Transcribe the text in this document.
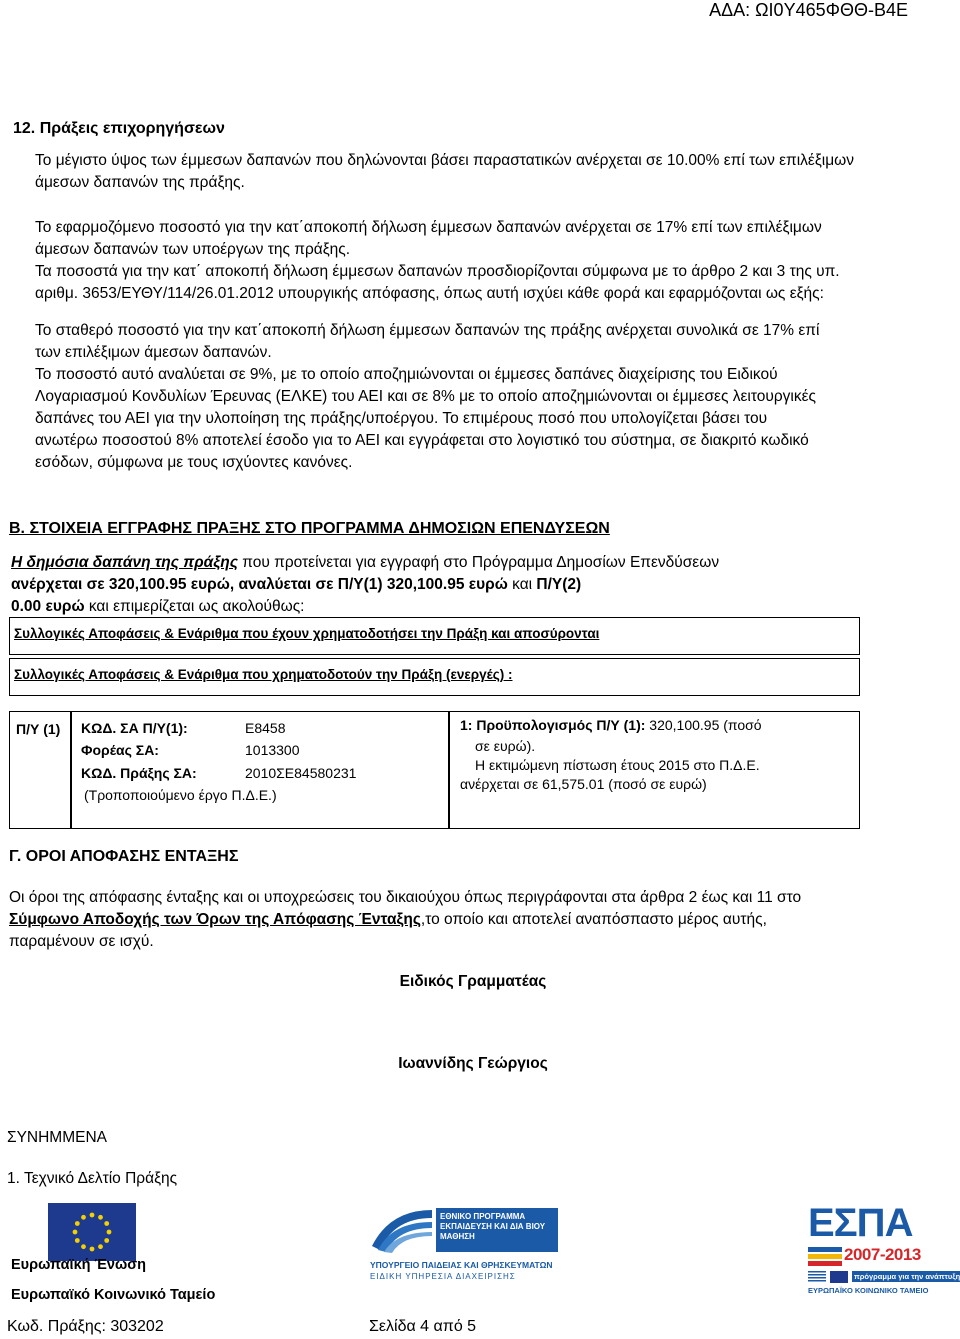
ΑΔΑ: ΩΙ0Υ465ΦΘΘ-Β4Ε
12. Πράξεις επιχορηγήσεων
Το μέγιστο ύψος των έμμεσων δαπανών που δηλώνονται βάσει παραστατικών ανέρχεται σε 10.00% επί των επιλέξιμων
άμεσων δαπανών της πράξης.
Το εφαρμοζόμενο ποσοστό για την κατ΄αποκοπή δήλωση έμμεσων δαπανών ανέρχεται σε 17% επί των επιλέξιμων
άμεσων δαπανών των υποέργων της πράξης.
Τα ποσοστά για την κατ΄ αποκοπή δήλωση έμμεσων δαπανών προσδιορίζονται σύμφωνα με το άρθρο 2 και 3 της υπ.
αριθμ. 3653/ΕΥΘΥ/114/26.01.2012 υπουργικής απόφασης, όπως αυτή ισχύει κάθε φορά και εφαρμόζονται ως εξής:
Το σταθερό ποσοστό για την κατ΄αποκοπή δήλωση έμμεσων δαπανών της πράξης ανέρχεται συνολικά σε 17% επί
των επιλέξιμων άμεσων δαπανών.
Το ποσοστό αυτό αναλύεται σε 9%, με το οποίο αποζημιώνονται οι έμμεσες δαπάνες διαχείρισης του Ειδικού
Λογαριασμού Κονδυλίων Έρευνας (ΕΛΚΕ) του ΑΕΙ και σε 8% με το οποίο αποζημιώνονται οι έμμεσες λειτουργικές
δαπάνες του ΑΕΙ για την υλοποίηση της πράξης/υποέργου. Το επιμέρους ποσό που υπολογίζεται βάσει του
ανωτέρω ποσοστού 8% αποτελεί έσοδο για το ΑΕΙ και εγγράφεται στο λογιστικό του σύστημα, σε διακριτό κωδικό
εσόδων, σύμφωνα με τους ισχύοντες κανόνες.
Β. ΣΤΟΙΧΕΙΑ ΕΓΓΡΑΦΗΣ ΠΡΑΞΗΣ ΣΤΟ ΠΡΟΓΡΑΜΜΑ ΔΗΜΟΣΙΩΝ ΕΠΕΝΔΥΣΕΩΝ
Η δημόσια δαπάνη της πράξης που προτείνεται για εγγραφή στο Πρόγραμμα Δημοσίων Επενδύσεων
ανέρχεται σε 320,100.95 ευρώ, αναλύεται σε Π/Υ(1) 320,100.95 ευρώ και Π/Υ(2)
0.00 ευρώ και επιμερίζεται ως ακολούθως:
Συλλογικές Αποφάσεις & Ενάριθμα που έχουν χρηματοδοτήσει την Πράξη και αποσύρονται
Συλλογικές Αποφάσεις & Ενάριθμα που χρηματοδοτούν την Πράξη (ενεργές) :
Π/Υ (1) ΚΩΔ. ΣΑ Π/Υ(1):	Ε8458
Φορέας ΣΑ:	1013300
ΚΩΔ. Πράξης ΣΑ:	2010ΣΕ84580231
(Τροποποιούμενο έργο Π.Δ.Ε.)
1: Προϋπολογισμός Π/Υ (1): 320,100.95 (ποσό
σε ευρώ).
Η εκτιμώμενη πίστωση έτους 2015 στο Π.Δ.Ε.
ανέρχεται σε 61,575.01 (ποσό σε ευρώ)
Γ. ΟΡΟΙ ΑΠΟΦΑΣΗΣ ΕΝΤΑΞΗΣ
Οι όροι της απόφασης ένταξης και οι υποχρεώσεις του δικαιούχου όπως περιγράφονται στα άρθρα 2 έως και 11 στο
Σύμφωνο Αποδοχής των Όρων της Απόφασης Ένταξης,το οποίο και αποτελεί αναπόσπαστο μέρος αυτής,
παραμένουν σε ισχύ.
Ειδικός Γραμματέας
Ιωαννίδης Γεώργιος
ΣΥΝΗΜΜΕΝΑ
1. Τεχνικό Δελτίο Πράξης
Ευρωπαϊκή Ένωση
Ευρωπαϊκό Κοινωνικό Ταμείο
ΕΘΝΙΚΟ ΠΡΟΓΡΑΜΜΑ
ΕΚΠΑΙΔΕΥΣΗ ΚΑΙ ΔΙΑ ΒΙΟΥ ΜΑΘΗΣΗ
ΥΠΟΥΡΓΕΙΟ ΠΑΙΔΕΙΑΣ ΚΑΙ ΘΡΗΣΚΕΥΜΑΤΩΝ
ΕΙΔΙΚΗ ΥΠΗΡΕΣΙΑ ΔΙΑΧΕΙΡΙΣΗΣ
ΕΣΠΑ
2007-2013
πρόγραμμα για την ανάπτυξη
ΕΥΡΩΠΑΪΚΟ ΚΟΙΝΩΝΙΚΟ ΤΑΜΕΙΟ
Κωδ. Πράξης: 303202	Σελίδα 4 από 5
